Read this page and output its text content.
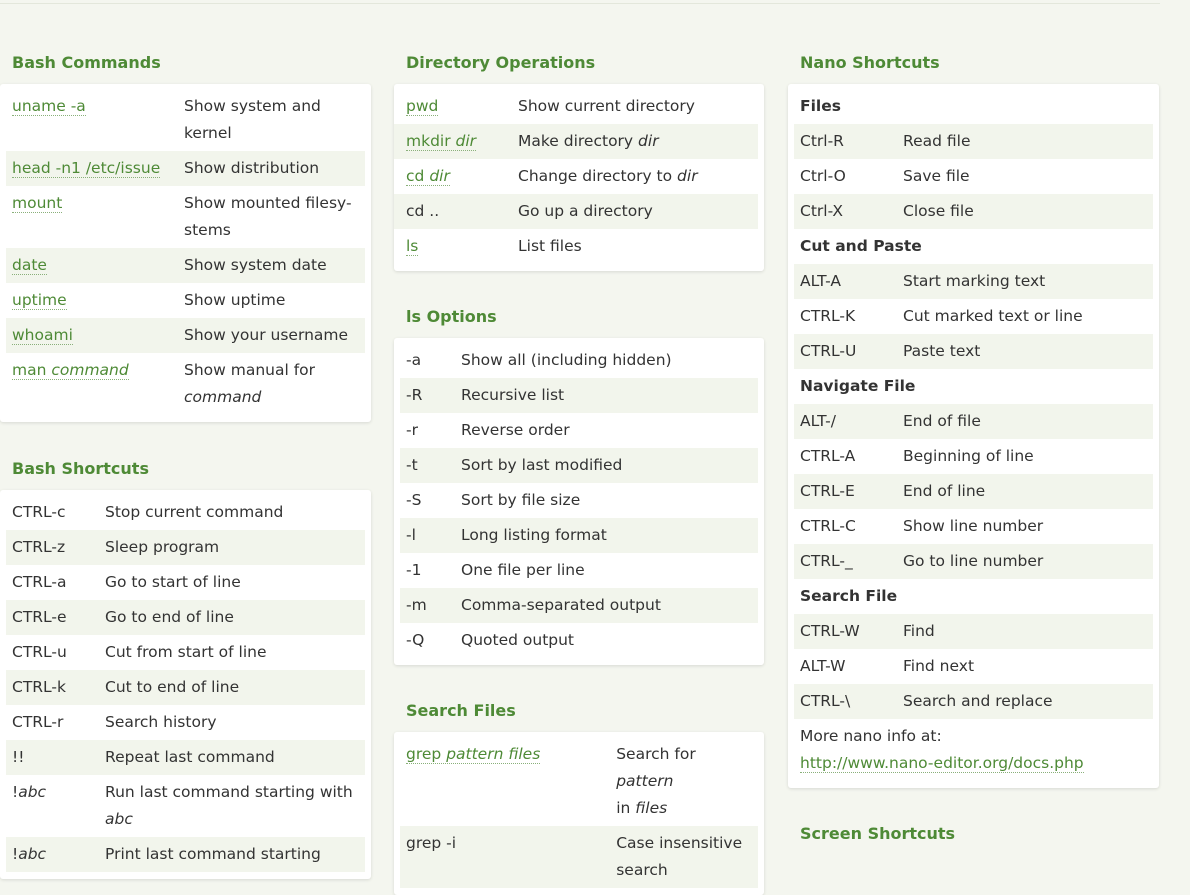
Bash Commands
uname -a	Show system and kernel
head -n1 /etc/issue	Show distribution
mount	Show mounted filesy-stems
date	Show system date
uptime	Show uptime
whoami	Show your username
man command	Show manual for
command
Bash Shortcuts
CTRL-c	Stop current command
CTRL-z	Sleep program
CTRL-a	Go to start of line
CTRL-e	Go to end of line
CTRL-u	Cut from start of line
CTRL-k	Cut to end of line
CTRL-r	Search history
!!	Repeat last command
!abc	Run last command starting with
abc
!abc	Print last command starting
Directory Operations
pwd	Show current directory
mkdir dir	Make directory dir
cd dir	Change directory to dir
cd ..	Go up a directory
ls	List files
ls Options
-a	Show all (including hidden)
-R	Recursive list
-r	Reverse order
-t	Sort by last modified
-S	Sort by file size
-l	Long listing format
-1	One file per line
-m	Comma-separated output
-Q	Quoted output
Search Files
grep pattern files	Search for pattern
in files
grep -i	Case insensitive search
Nano Shortcuts
Files	
Ctrl-R	Read file
Ctrl-O	Save file
Ctrl-X	Close file
Cut and Paste	
ALT-A	Start marking text
CTRL-K	Cut marked text or line
CTRL-U	Paste text
Navigate File	
ALT-/	End of file
CTRL-A	Beginning of line
CTRL-E	End of line
CTRL-C	Show line number
CTRL-_	Go to line number
Search File	
CTRL-W	Find
ALT-W	Find next
CTRL-\	Search and replace
More nano info at:
http://www.nano-editor.org/docs.php
Screen Shortcuts
